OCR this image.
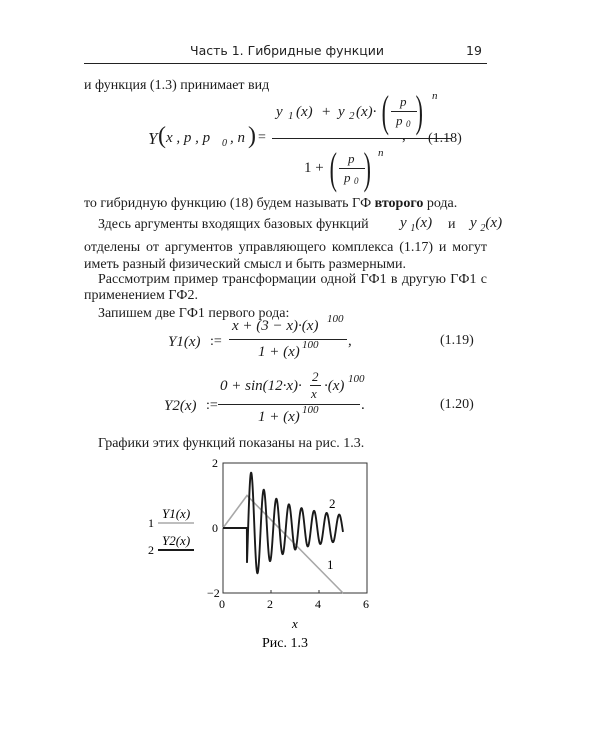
Часть 1. Гибридные функции	19
и функция (1.3) принимает вид
Y ( x , p , p 0 , n ) =
y 1 (x) + y 2 (x)· ( p
p 0 ) n
1 + ( p
p 0 ) n
, (1.18)
то гибридную функцию (18) будем называть ГФ второго рода.
Здесь аргументы входящих базовых функций	y $_1$(x) и y $_2$(x)
отделены от аргументов управляющего комплекса (1.17) и могут
иметь разный физический смысл и быть размерными.
Рассмотрим пример трансформации одной ГФ1 в другую ГФ1 с
применением ГФ2.
Запишем две ГФ1 первого рода:
Y1(x) :=
x + (3 − x)·(x) 100
1 + (x) 100 ,	(1.19)
Y2(x) :=
0 + sin(12·x)·
2
x ·(x) 100
1 + (x) 100	.	(1.20)
Графики этих функций показаны на рис. 1.3.
0	2	4	6
−2
0
2
1
2
x
Y1(x)
1
Y2(x)
2
Рис. 1.3
